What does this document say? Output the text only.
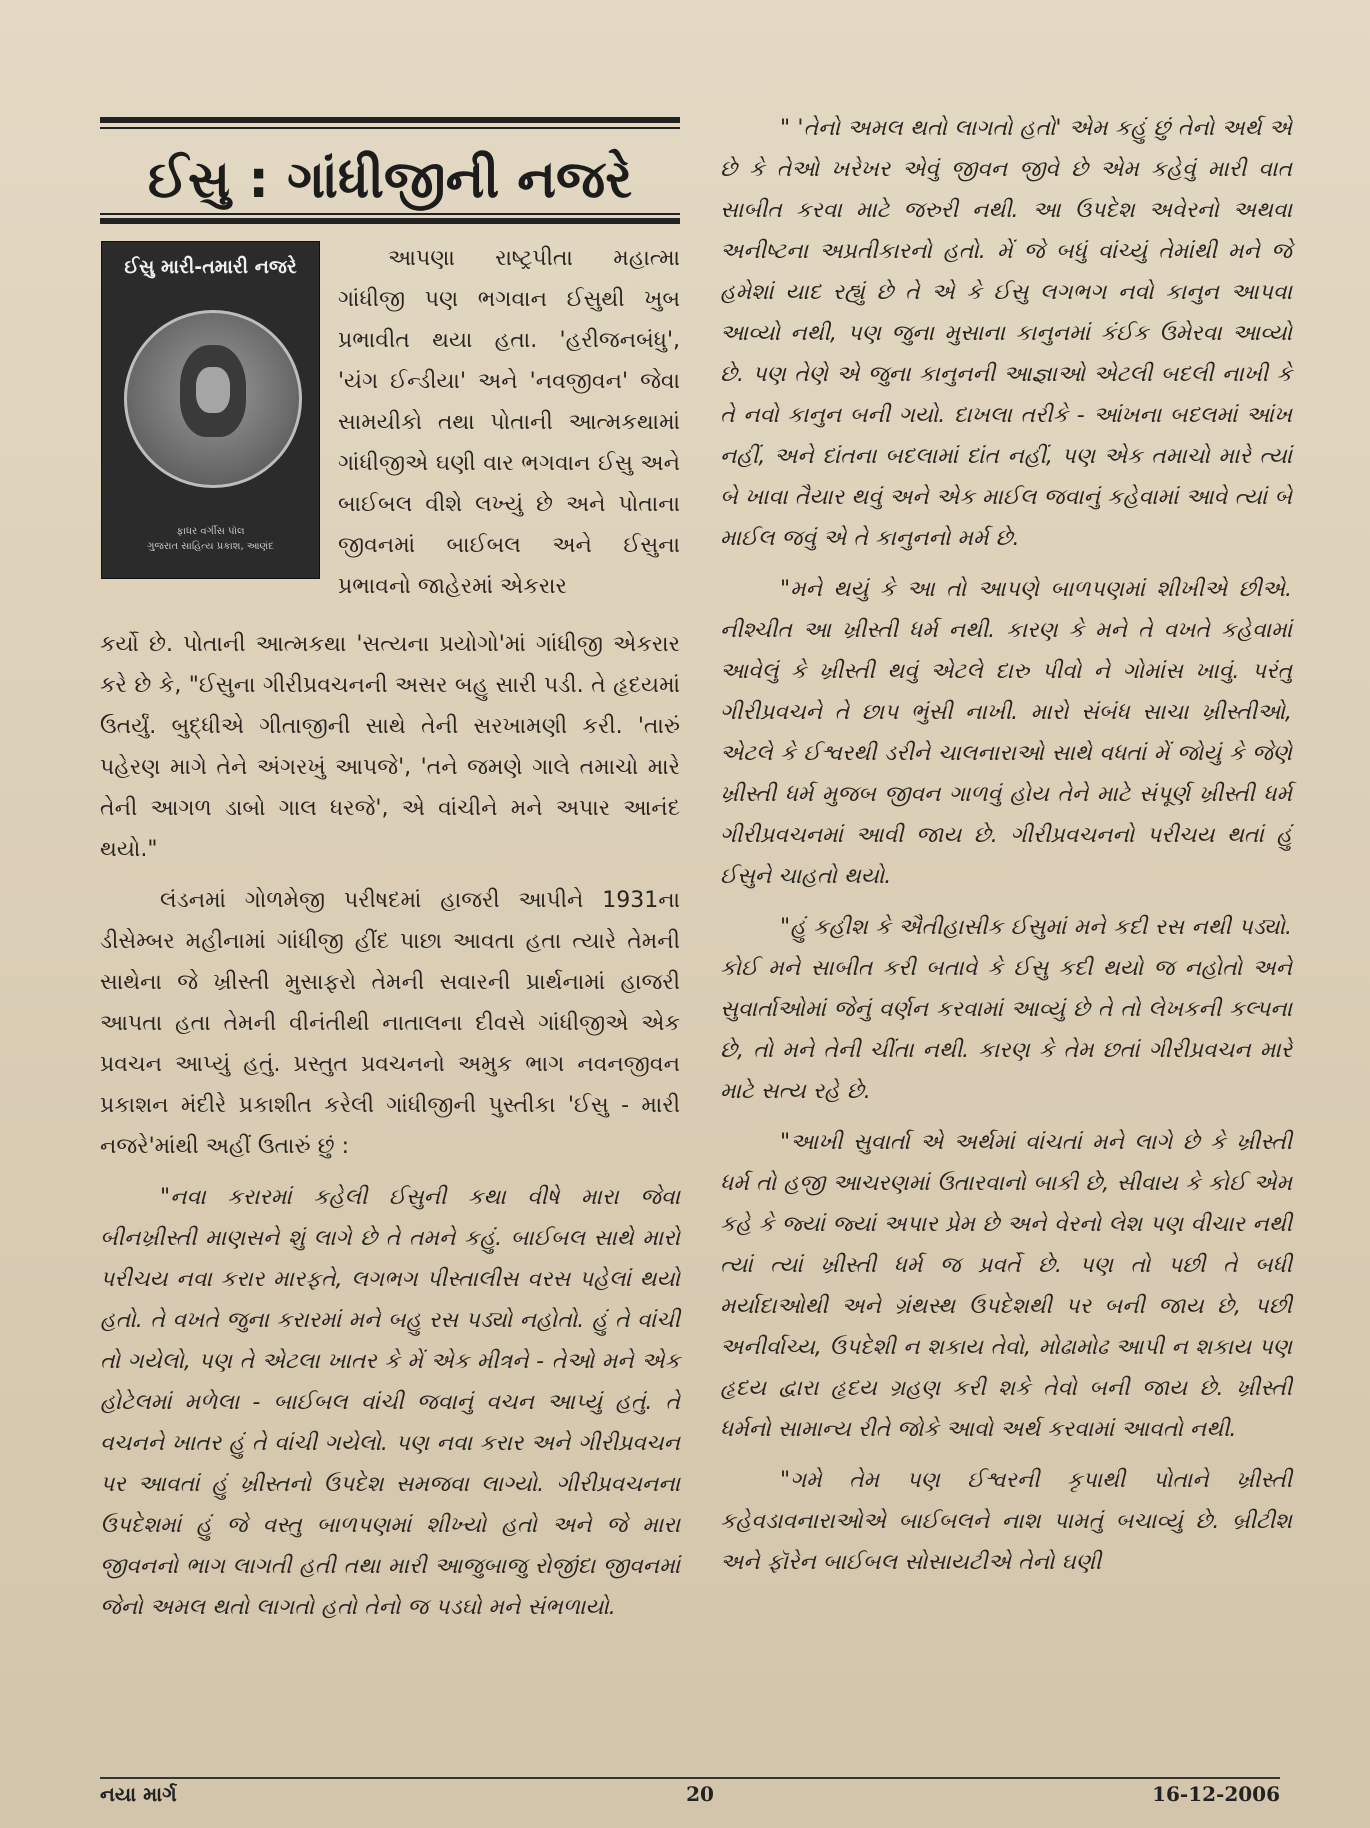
ઈસુ : ગાંધીજીની નજરે
ઈસુ મારી-તમારી નજરે
ફાધર વર્ગીસ પૉલ
ગુજરાત સાહિત્ય પ્રકાશ, આણંદ
આપણા રાષ્ટ્રપીતા મહાત્મા ગાંધીજી પણ ભગવાન ઈસુથી ખુબ પ્રભાવીત થયા હતા. 'હરીજનબંધુ', 'યંગ ઈન્ડીયા' અને 'નવજીવન' જેવા સામયીકો તથા પોતાની આત્મકથામાં ગાંધીજીએ ઘણી વાર ભગવાન ઈસુ અને બાઈબલ વીશે લખ્યું છે અને પોતાના જીવનમાં બાઈબલ અને ઈસુના પ્રભાવનો જાહેરમાં એકરાર

કર્યો છે. પોતાની આત્મકથા 'સત્યના પ્રયોગો'માં ગાંધીજી એકરાર કરે છે કે, "ઈસુના ગીરીપ્રવચનની અસર બહુ સારી પડી. તે હૃદયમાં ઉતર્યું. બુદ્ધીએ ગીતાજીની સાથે તેની સરખામણી કરી. 'તારું પહેરણ માગે તેને અંગરખું આપજે', 'તને જમણે ગાલે તમાચો મારે તેની આગળ ડાબો ગાલ ધરજે', એ વાંચીને મને અપાર આનંદ થયો."

લંડનમાં ગોળમેજી પરીષદમાં હાજરી આપીને 1931ના ડીસેમ્બર મહીનામાં ગાંધીજી હીંદ પાછા આવતા હતા ત્યારે તેમની સાથેના જે ખ્રીસ્તી મુસાફરો તેમની સવારની પ્રાર્થનામાં હાજરી આપતા હતા તેમની વીનંતીથી નાતાલના દીવસે ગાંધીજીએ એક પ્રવચન આપ્યું હતું. પ્રસ્તુત પ્રવચનનો અમુક ભાગ નવનજીવન પ્રકાશન મંદીરે પ્રકાશીત કરેલી ગાંધીજીની પુસ્તીકા 'ઈસુ - મારી નજરે'માંથી અહીં ઉતારું છું :

"નવા કરારમાં કહેલી ઈસુની કથા વીષે મારા જેવા બીનખ્રીસ્તી માણસને શું લાગે છે તે તમને કહું. બાઈબલ સાથે મારો પરીચય નવા કરાર મારફતે, લગભગ પીસ્તાલીસ વરસ પહેલાં થયો હતો. તે વખતે જુના કરારમાં મને બહુ રસ પડ્યો નહોતો. હું તે વાંચી તો ગયેલો, પણ તે એટલા ખાતર કે મેં એક મીત્રને - તેઓ મને એક હોટેલમાં મળેલા - બાઈબલ વાંચી જવાનું વચન આપ્યું હતું. તે વચનને ખાતર હું તે વાંચી ગયેલો. પણ નવા કરાર અને ગીરીપ્રવચન પર આવતાં હું ખ્રીસ્તનો ઉપદેશ સમજવા લાગ્યો. ગીરીપ્રવચનના ઉપદેશમાં હું જે વસ્તુ બાળપણમાં શીખ્યો હતો અને જે મારા જીવનનો ભાગ લાગતી હતી તથા મારી આજુબાજુ રોજીંદા જીવનમાં જેનો અમલ થતો લાગતો હતો તેનો જ પડઘો મને સંભળાયો.

" 'તેનો અમલ થતો લાગતો હતો' એમ કહું છું તેનો અર્થ એ છે કે તેઓ ખરેખર એવું જીવન જીવે છે એમ કહેવું મારી વાત સાબીત કરવા માટે જરુરી નથી. આ ઉપદેશ અવેરનો અથવા અનીષ્ટના અપ્રતીકારનો હતો. મેં જે બધું વાંચ્યું તેમાંથી મને જે હમેશાં યાદ રહ્યું છે તે એ કે ઈસુ લગભગ નવો કાનુન આપવા આવ્યો નથી, પણ જુના મુસાના કાનુનમાં કંઈક ઉમેરવા આવ્યો છે. પણ તેણે એ જુના કાનુનની આજ્ઞાઓ એટલી બદલી નાખી કે તે નવો કાનુન બની ગયો. દાખલા તરીકે - આંખના બદલમાં આંખ નહીં, અને દાંતના બદલામાં દાંત નહીં, પણ એક તમાચો મારે ત્યાં બે ખાવા તૈયાર થવું અને એક માઈલ જવાનું કહેવામાં આવે ત્યાં બે માઈલ જવું એ તે કાનુનનો મર્મ છે.

"મને થયું કે આ તો આપણે બાળપણમાં શીખીએ છીએ. નીશ્ચીત આ ખ્રીસ્તી ધર્મ નથી. કારણ કે મને તે વખતે કહેવામાં આવેલું કે ખ્રીસ્તી થવું એટલે દારુ પીવો ને ગોમાંસ ખાવું. પરંતુ ગીરીપ્રવચને તે છાપ ભુંસી નાખી. મારો સંબંધ સાચા ખ્રીસ્તીઓ, એટલે કે ઈશ્વરથી ડરીને ચાલનારાઓ સાથે વધતાં મેં જોયું કે જેણે ખ્રીસ્તી ધર્મ મુજબ જીવન ગાળવું હોય તેને માટે સંપૂર્ણ ખ્રીસ્તી ધર્મ ગીરીપ્રવચનમાં આવી જાય છે. ગીરીપ્રવચનનો પરીચય થતાં હું ઈસુને ચાહતો થયો.

"હું કહીશ કે ઐતીહાસીક ઈસુમાં મને કદી રસ નથી પડ્યો. કોઈ મને સાબીત કરી બતાવે કે ઈસુ કદી થયો જ નહોતો અને સુવાર્તાઓમાં જેનું વર્ણન કરવામાં આવ્યું છે તે તો લેખકની કલ્પના છે, તો મને તેની ચીંતા નથી. કારણ કે તેમ છતાં ગીરીપ્રવચન મારે માટે સત્ય રહે છે.

"આખી સુવાર્તા એ અર્થમાં વાંચતાં મને લાગે છે કે ખ્રીસ્તી ધર્મ તો હજી આચરણમાં ઉતારવાનો બાકી છે, સીવાય કે કોઈ એમ કહે કે જ્યાં જ્યાં અપાર પ્રેમ છે અને વેરનો લેશ પણ વીચાર નથી ત્યાં ત્યાં ખ્રીસ્તી ધર્મ જ પ્રવર્તે છે. પણ તો પછી તે બધી મર્યાદાઓથી અને ગ્રંથસ્થ ઉપદેશથી પર બની જાય છે, પછી અનીર્વાચ્ય, ઉપદેશી ન શકાય તેવો, મોઢામોઢ આપી ન શકાય પણ હૃદય દ્વારા હૃદય ગ્રહણ કરી શકે તેવો બની જાય છે. ખ્રીસ્તી ધર્મનો સામાન્ય રીતે જોકે આવો અર્થ કરવામાં આવતો નથી.

"ગમે તેમ પણ ઈશ્વરની કૃપાથી પોતાને ખ્રીસ્તી કહેવડાવનારાઓએ બાઈબલને નાશ પામતું બચાવ્યું છે. બ્રીટીશ અને ફૉરેન બાઈબલ સોસાયટીએ તેનો ઘણી

નયા માર્ગ	20	16-12-2006
